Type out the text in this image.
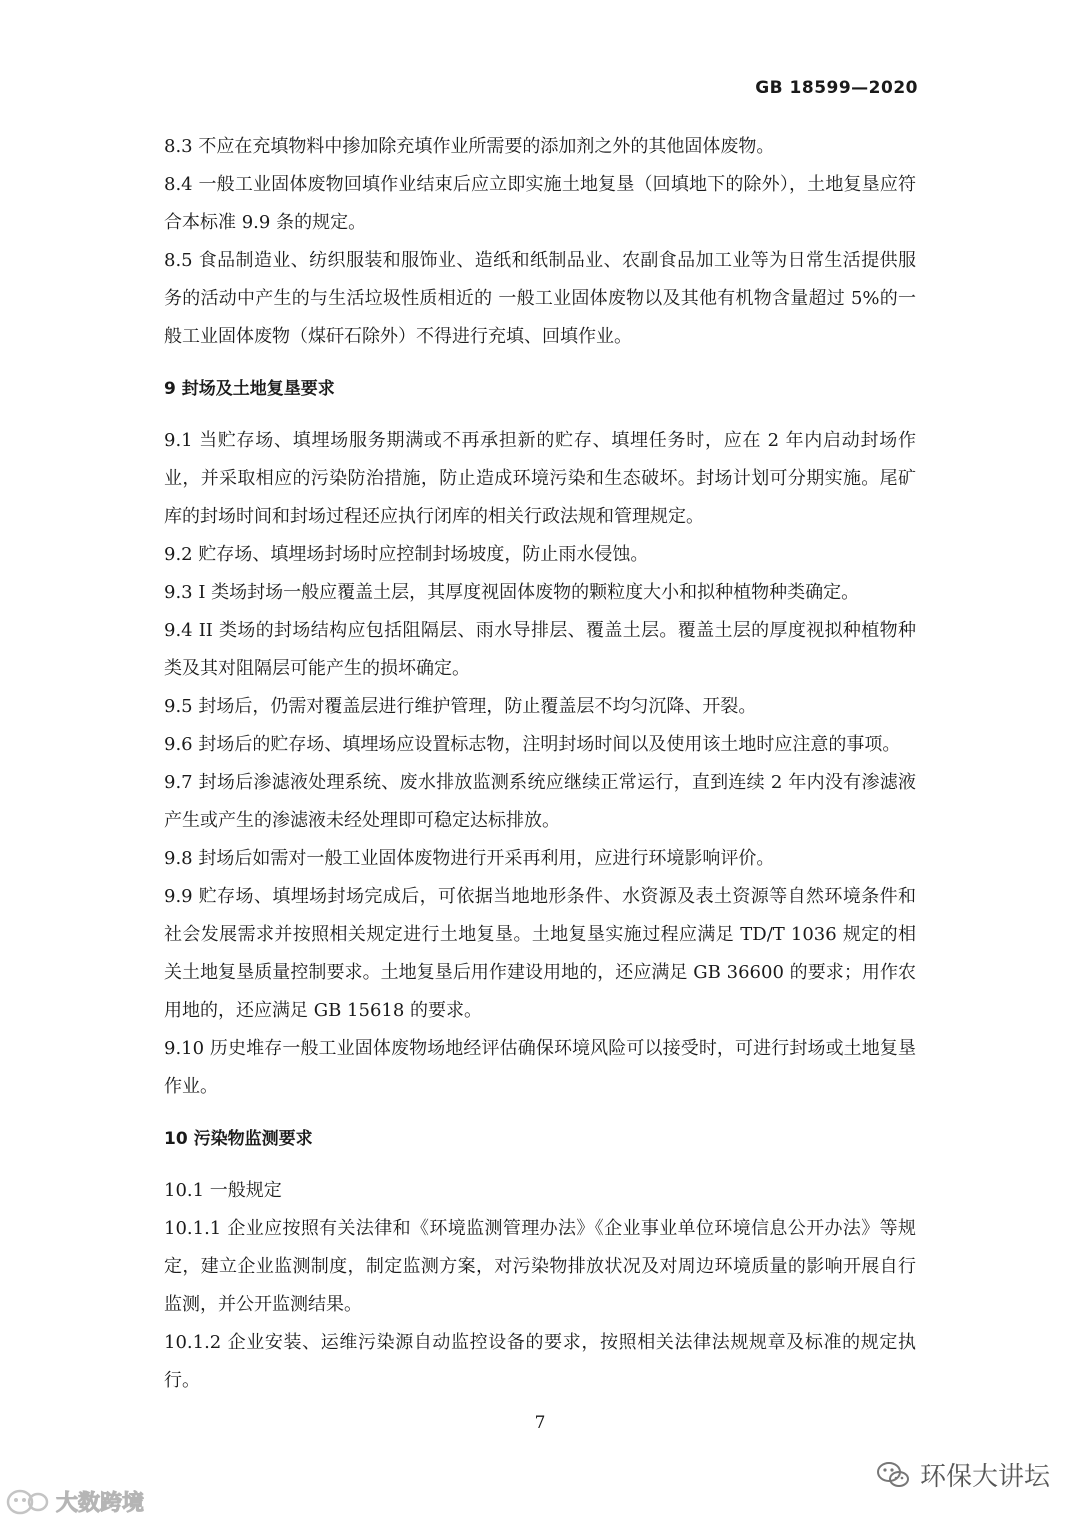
GB 18599—2020

8.3 不应在充填物料中掺加除充填作业所需要的添加剂之外的其他固体废物。

8.4 一般工业固体废物回填作业结束后应立即实施土地复垦（回填地下的除外），土地复垦应符合本标准 9.9 条的规定。

8.5 食品制造业、纺织服装和服饰业、造纸和纸制品业、农副食品加工业等为日常生活提供服务的活动中产生的与生活垃圾性质相近的 一般工业固体废物以及其他有机物含量超过 5%的一般工业固体废物（煤矸石除外）不得进行充填、回填作业。

9 封场及土地复垦要求

9.1 当贮存场、填埋场服务期满或不再承担新的贮存、填埋任务时，应在 2 年内启动封场作业，并采取相应的污染防治措施，防止造成环境污染和生态破坏。封场计划可分期实施。尾矿库的封场时间和封场过程还应执行闭库的相关行政法规和管理规定。

9.2 贮存场、填埋场封场时应控制封场坡度，防止雨水侵蚀。

9.3 I 类场封场一般应覆盖土层，其厚度视固体废物的颗粒度大小和拟种植物种类确定。

9.4 II 类场的封场结构应包括阻隔层、雨水导排层、覆盖土层。覆盖土层的厚度视拟种植物种类及其对阻隔层可能产生的损坏确定。

9.5 封场后，仍需对覆盖层进行维护管理，防止覆盖层不均匀沉降、开裂。

9.6 封场后的贮存场、填埋场应设置标志物，注明封场时间以及使用该土地时应注意的事项。

9.7 封场后渗滤液处理系统、废水排放监测系统应继续正常运行，直到连续 2 年内没有渗滤液产生或产生的渗滤液未经处理即可稳定达标排放。

9.8 封场后如需对一般工业固体废物进行开采再利用，应进行环境影响评价。

9.9 贮存场、填埋场封场完成后，可依据当地地形条件、水资源及表土资源等自然环境条件和社会发展需求并按照相关规定进行土地复垦。土地复垦实施过程应满足 TD/T 1036 规定的相关土地复垦质量控制要求。土地复垦后用作建设用地的，还应满足 GB 36600 的要求；用作农用地的，还应满足 GB 15618 的要求。

9.10 历史堆存一般工业固体废物场地经评估确保环境风险可以接受时，可进行封场或土地复垦作业。

10 污染物监测要求

10.1 一般规定

10.1.1 企业应按照有关法律和《环境监测管理办法》《企业事业单位环境信息公开办法》等规定，建立企业监测制度，制定监测方案，对污染物排放状况及对周边环境质量的影响开展自行监测，并公开监测结果。

10.1.2 企业安装、运维污染源自动监控设备的要求，按照相关法律法规规章及标准的规定执行。

7
大数跨境
环保大讲坛
